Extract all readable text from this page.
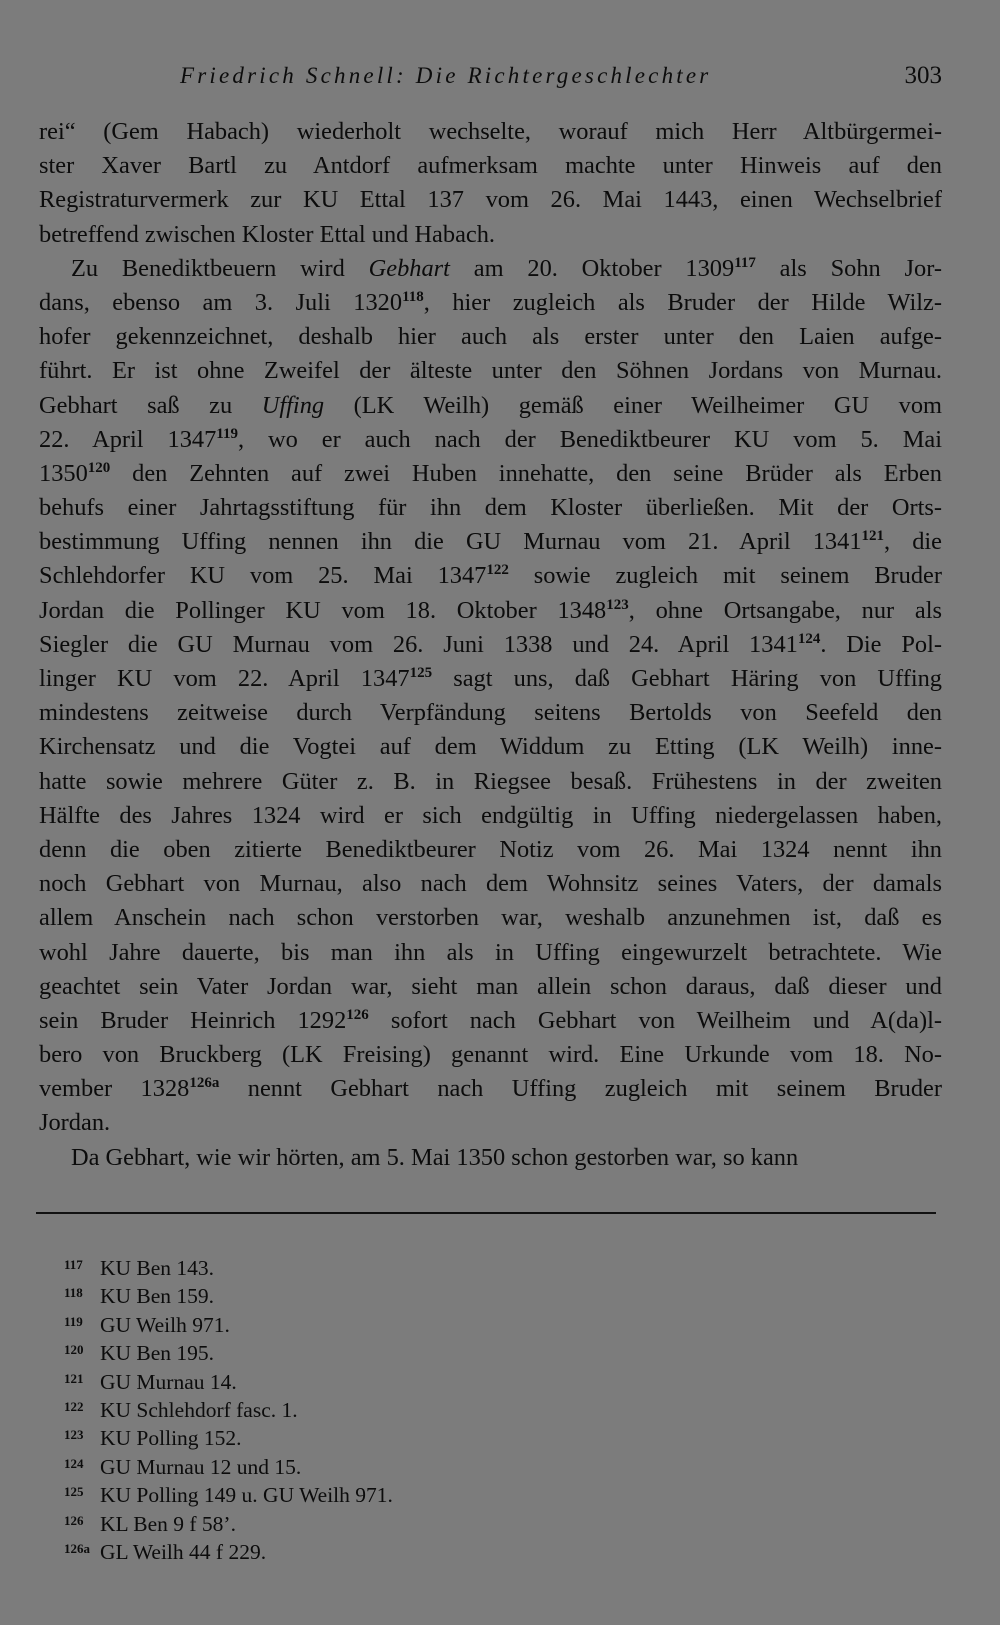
Friedrich Schnell: Die Richtergeschlechter	303
rei“ (Gem Habach) wiederholt wechselte, worauf mich Herr Altbürgermei-
ster Xaver Bartl zu Antdorf aufmerksam machte unter Hinweis auf den
Registraturvermerk zur KU Ettal 137 vom 26. Mai 1443, einen Wechselbrief
betreffend zwischen Kloster Ettal und Habach.
Zu Benediktbeuern wird Gebhart am 20. Oktober 1309$^{117}$ als Sohn Jor-
dans, ebenso am 3. Juli 1320$^{118}$, hier zugleich als Bruder der Hilde Wilz-
hofer gekennzeichnet, deshalb hier auch als erster unter den Laien aufge-
führt. Er ist ohne Zweifel der älteste unter den Söhnen Jordans von Murnau.
Gebhart saß zu Uffing (LK Weilh) gemäß einer Weilheimer GU vom
22. April 1347$^{119}$, wo er auch nach der Benediktbeurer KU vom 5. Mai
1350$^{120}$ den Zehnten auf zwei Huben innehatte, den seine Brüder als Erben
behufs einer Jahrtagsstiftung für ihn dem Kloster überließen. Mit der Orts-
bestimmung Uffing nennen ihn die GU Murnau vom 21. April 1341$^{121}$, die
Schlehdorfer KU vom 25. Mai 1347$^{122}$ sowie zugleich mit seinem Bruder
Jordan die Pollinger KU vom 18. Oktober 1348$^{123}$, ohne Ortsangabe, nur als
Siegler die GU Murnau vom 26. Juni 1338 und 24. April 1341$^{124}$. Die Pol-
linger KU vom 22. April 1347$^{125}$ sagt uns, daß Gebhart Häring von Uffing
mindestens zeitweise durch Verpfändung seitens Bertolds von Seefeld den
Kirchensatz und die Vogtei auf dem Widdum zu Etting (LK Weilh) inne-
hatte sowie mehrere Güter z. B. in Riegsee besaß. Frühestens in der zweiten
Hälfte des Jahres 1324 wird er sich endgültig in Uffing niedergelassen haben,
denn die oben zitierte Benediktbeurer Notiz vom 26. Mai 1324 nennt ihn
noch Gebhart von Murnau, also nach dem Wohnsitz seines Vaters, der damals
allem Anschein nach schon verstorben war, weshalb anzunehmen ist, daß es
wohl Jahre dauerte, bis man ihn als in Uffing eingewurzelt betrachtete. Wie
geachtet sein Vater Jordan war, sieht man allein schon daraus, daß dieser und
sein Bruder Heinrich 1292$^{126}$ sofort nach Gebhart von Weilheim und A(da)l-
bero von Bruckberg (LK Freising) genannt wird. Eine Urkunde vom 18. No-
vember $1328^{126a}$ nennt Gebhart nach Uffing zugleich mit seinem Bruder
Jordan.
Da Gebhart, wie wir hörten, am 5. Mai 1350 schon gestorben war, so kann
117 KU Ben 143.
118 KU Ben 159.
119 GU Weilh 971.
120 KU Ben 195.
121 GU Murnau 14.
122 KU Schlehdorf fasc. 1.
123 KU Polling 152.
124 GU Murnau 12 und 15.
125 KU Polling 149 u. GU Weilh 971.
126 KL Ben 9 f 58’.
126a GL Weilh 44 f 229.
